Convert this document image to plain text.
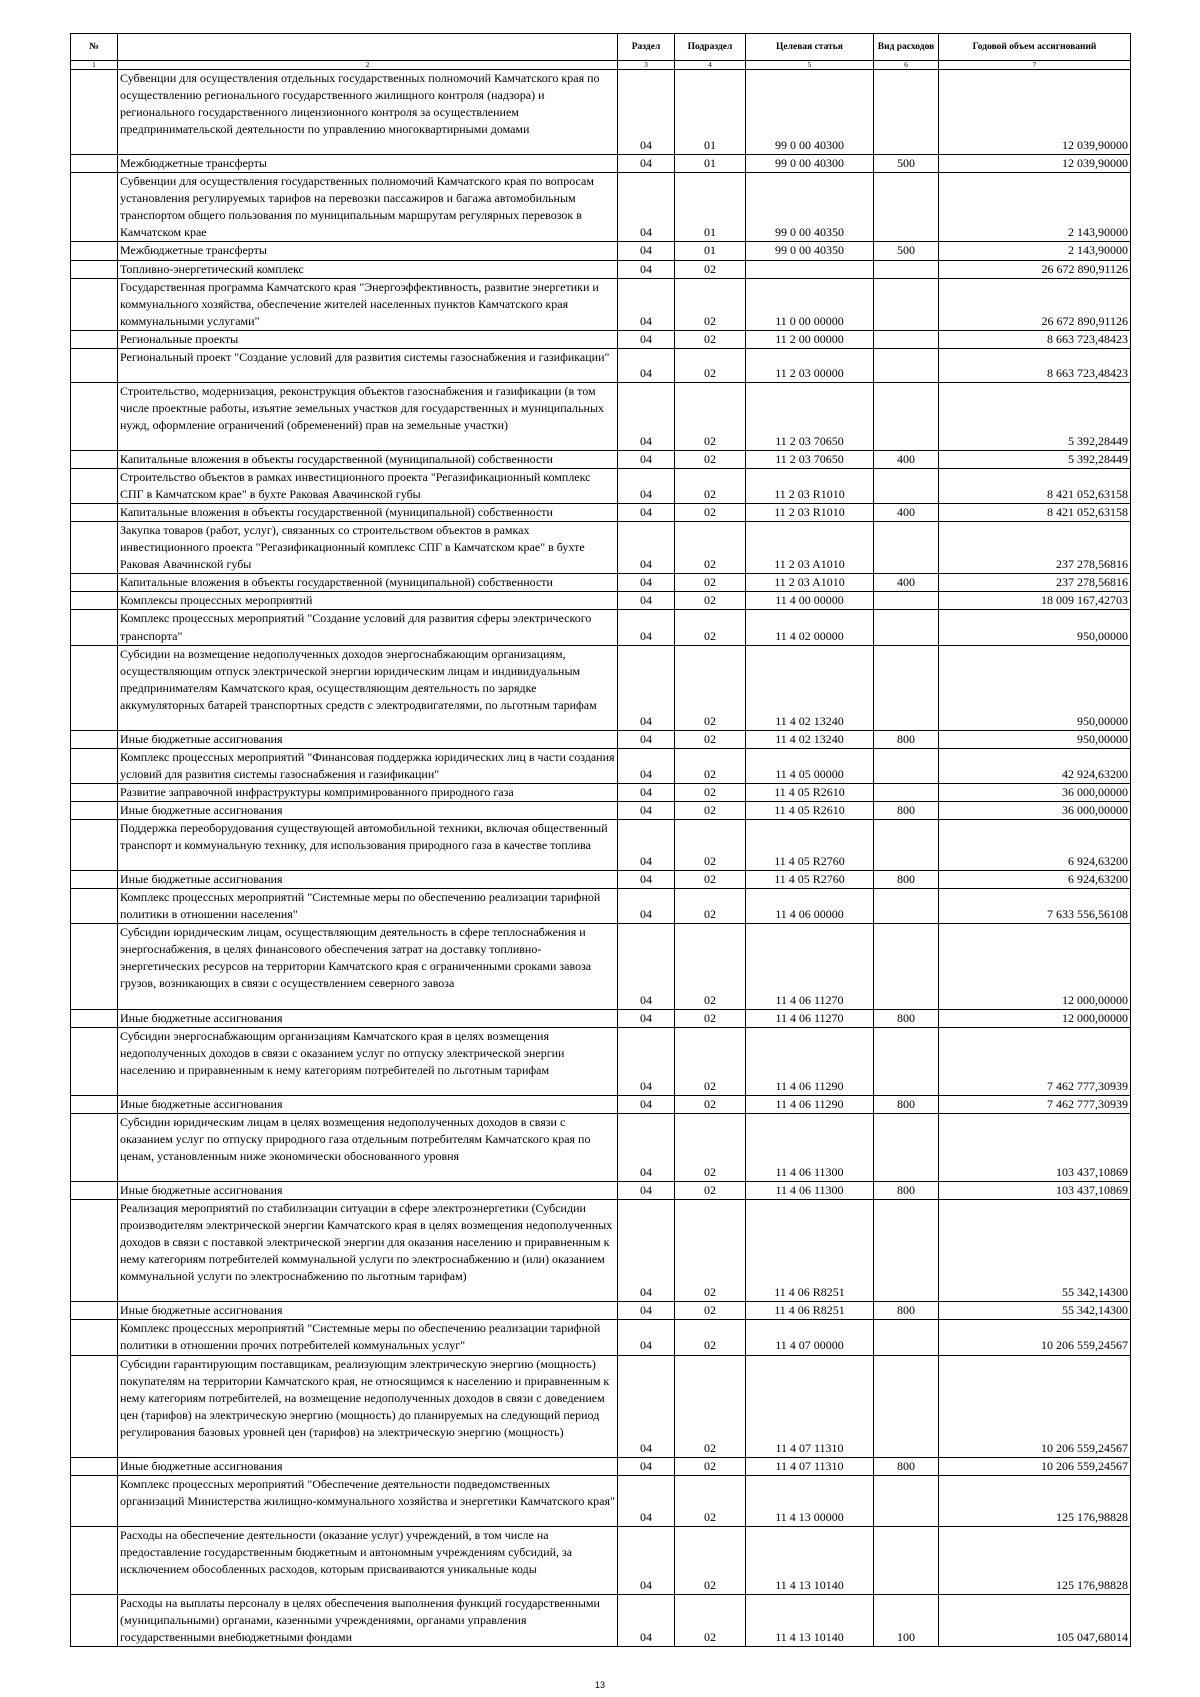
№		Раздел	Подраздел	Целевая статья	Вид расходов	Годовой объем ассигнований
1	2	3	4	5	6	7
	Субвенции для осуществления отдельных государственных полномочий Камчатского края по осуществлению регионального государственного жилищного контроля (надзора) и регионального государственного лицензионного контроля за осуществлением предпринимательской деятельности по управлению многоквартирными домами	04	01	99 0 00 40300		12 039,90000
	Межбюджетные трансферты	04	01	99 0 00 40300	500	12 039,90000
	Субвенции для осуществления государственных полномочий Камчатского края по вопросам установления регулируемых тарифов на перевозки пассажиров и багажа автомобильным транспортом общего пользования по муниципальным маршрутам регулярных перевозок в Камчатском крае	04	01	99 0 00 40350		2 143,90000
	Межбюджетные трансферты	04	01	99 0 00 40350	500	2 143,90000
	Топливно-энергетический комплекс	04	02			26 672 890,91126
	Государственная программа Камчатского края "Энергоэффективность, развитие энергетики и коммунального хозяйства, обеспечение жителей населенных пунктов Камчатского края коммунальными услугами"	04	02	11 0 00 00000		26 672 890,91126
	Региональные проекты	04	02	11 2 00 00000		8 663 723,48423
	Региональный проект "Создание условий для развития системы газоснабжения и газификации"	04	02	11 2 03 00000		8 663 723,48423
	Строительство, модернизация, реконструкция объектов газоснабжения и газификации (в том числе проектные работы, изъятие земельных участков для государственных и муниципальных нужд, оформление ограничений (обременений) прав на земельные участки)	04	02	11 2 03 70650		5 392,28449
	Капитальные вложения в объекты государственной (муниципальной) собственности	04	02	11 2 03 70650	400	5 392,28449
	Строительство объектов в рамках инвестиционного проекта "Регазификационный комплекс СПГ в Камчатском крае" в бухте Раковая Авачинской губы	04	02	11 2 03 R1010		8 421 052,63158
	Капитальные вложения в объекты государственной (муниципальной) собственности	04	02	11 2 03 R1010	400	8 421 052,63158
	Закупка товаров (работ, услуг), связанных со строительством объектов в рамках инвестиционного проекта "Регазификационный комплекс СПГ в Камчатском крае" в бухте Раковая Авачинской губы	04	02	11 2 03 A1010		237 278,56816
	Капитальные вложения в объекты государственной (муниципальной) собственности	04	02	11 2 03 A1010	400	237 278,56816
	Комплексы процессных мероприятий	04	02	11 4 00 00000		18 009 167,42703
	Комплекс процессных мероприятий "Создание условий для развития сферы электрического транспорта"	04	02	11 4 02 00000		950,00000
	Субсидии на возмещение недополученных доходов энергоснабжающим организациям, осуществляющим отпуск электрической энергии юридическим лицам и индивидуальным предпринимателям Камчатского края, осуществляющим деятельность по зарядке аккумуляторных батарей транспортных средств с электродвигателями, по льготным тарифам	04	02	11 4 02 13240		950,00000
	Иные бюджетные ассигнования	04	02	11 4 02 13240	800	950,00000
	Комплекс процессных мероприятий "Финансовая поддержка юридических лиц в части создания условий для развития системы газоснабжения и газификации"	04	02	11 4 05 00000		42 924,63200
	Развитие заправочной инфраструктуры компримированного природного газа	04	02	11 4 05 R2610		36 000,00000
	Иные бюджетные ассигнования	04	02	11 4 05 R2610	800	36 000,00000
	Поддержка переоборудования существующей автомобильной техники, включая общественный транспорт и коммунальную технику, для использования природного газа в качестве топлива	04	02	11 4 05 R2760		6 924,63200
	Иные бюджетные ассигнования	04	02	11 4 05 R2760	800	6 924,63200
	Комплекс процессных мероприятий "Системные меры по обеспечению реализации тарифной политики в отношении населения"	04	02	11 4 06 00000		7 633 556,56108
	Субсидии юридическим лицам, осуществляющим деятельность в сфере теплоснабжения и энергоснабжения, в целях финансового обеспечения затрат на доставку топливно-энергетических ресурсов на территории Камчатского края с ограниченными сроками завоза грузов, возникающих в связи с осуществлением северного завоза	04	02	11 4 06 11270		12 000,00000
	Иные бюджетные ассигнования	04	02	11 4 06 11270	800	12 000,00000
	Субсидии энергоснабжающим организациям Камчатского края в целях возмещения недополученных доходов в связи с оказанием услуг по отпуску электрической энергии населению и приравненным к нему категориям потребителей по льготным тарифам	04	02	11 4 06 11290		7 462 777,30939
	Иные бюджетные ассигнования	04	02	11 4 06 11290	800	7 462 777,30939
	Субсидии юридическим лицам в целях возмещения недополученных доходов в связи с оказанием услуг по отпуску природного газа отдельным потребителям Камчатского края по ценам, установленным ниже экономически обоснованного уровня	04	02	11 4 06 11300		103 437,10869
	Иные бюджетные ассигнования	04	02	11 4 06 11300	800	103 437,10869
	Реализация мероприятий по стабилизации ситуации в сфере электроэнергетики (Субсидии производителям электрической энергии Камчатского края в целях возмещения недополученных доходов в связи с поставкой электрической энергии для оказания населению и приравненным к нему категориям потребителей коммунальной услуги по электроснабжению и (или) оказанием коммунальной услуги по электроснабжению по льготным тарифам)	04	02	11 4 06 R8251		55 342,14300
	Иные бюджетные ассигнования	04	02	11 4 06 R8251	800	55 342,14300
	Комплекс процессных мероприятий "Системные меры по обеспечению реализации тарифной политики в отношении прочих потребителей коммунальных услуг"	04	02	11 4 07 00000		10 206 559,24567
	Субсидии гарантирующим поставщикам, реализующим электрическую энергию (мощность) покупателям на территории Камчатского края, не относящимся к населению и приравненным к нему категориям потребителей, на возмещение недополученных доходов в связи с доведением цен (тарифов) на электрическую энергию (мощность) до планируемых на следующий период регулирования базовых уровней цен (тарифов) на электрическую энергию (мощность)	04	02	11 4 07 11310		10 206 559,24567
	Иные бюджетные ассигнования	04	02	11 4 07 11310	800	10 206 559,24567
	Комплекс процессных мероприятий "Обеспечение деятельности подведомственных организаций Министерства жилищно-коммунального хозяйства и энергетики Камчатского края"	04	02	11 4 13 00000		125 176,98828
	Расходы на обеспечение деятельности (оказание услуг) учреждений, в том числе на предоставление государственным бюджетным и автономным учреждениям субсидий, за исключением обособленных расходов, которым присваиваются уникальные коды	04	02	11 4 13 10140		125 176,98828
	Расходы на выплаты персоналу в целях обеспечения выполнения функций государственными (муниципальными) органами, казенными учреждениями, органами управления государственными внебюджетными фондами	04	02	11 4 13 10140	100	105 047,68014
13
